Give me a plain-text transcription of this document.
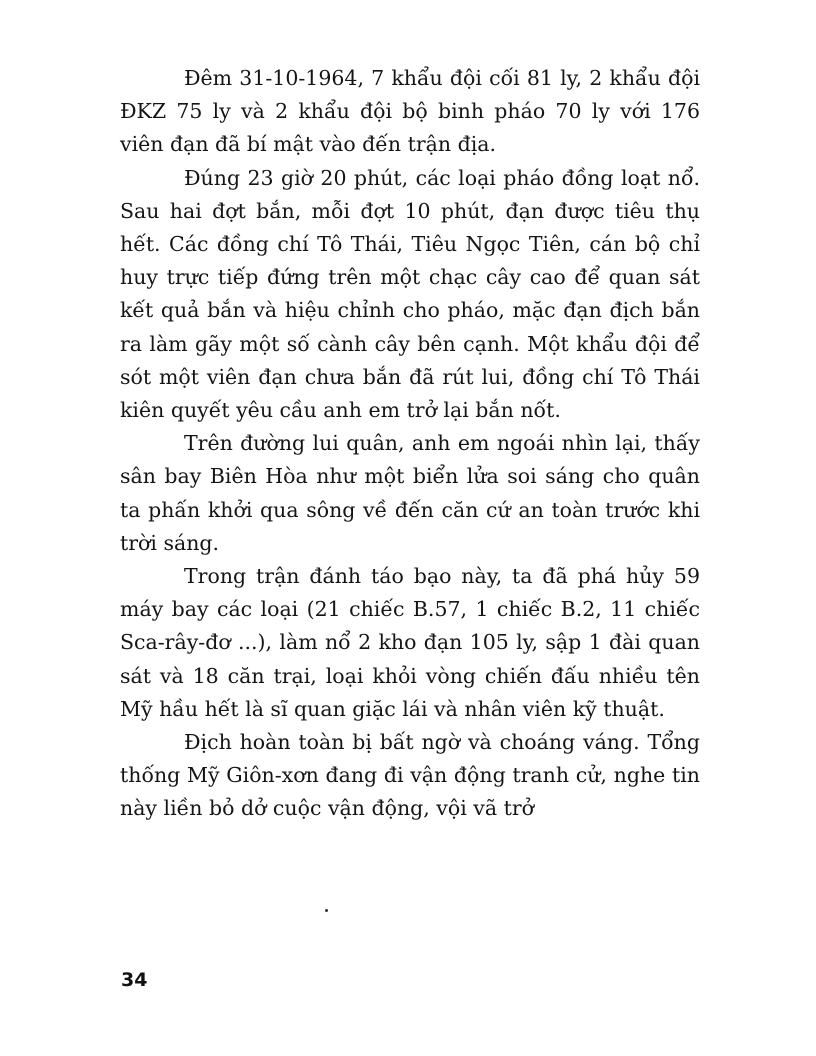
Đêm 31-10-1964, 7 khẩu đội cối 81 ly, 2 khẩu đội ĐKZ 75 ly và 2 khẩu đội bộ binh pháo 70 ly với 176 viên đạn đã bí mật vào đến trận địa.

Đúng 23 giờ 20 phút, các loại pháo đồng loạt nổ. Sau hai đợt bắn, mỗi đợt 10 phút, đạn được tiêu thụ hết. Các đồng chí Tô Thái, Tiêu Ngọc Tiên, cán bộ chỉ huy trực tiếp đứng trên một chạc cây cao để quan sát kết quả bắn và hiệu chỉnh cho pháo, mặc đạn địch bắn ra làm gãy một số cành cây bên cạnh. Một khẩu đội để sót một viên đạn chưa bắn đã rút lui, đồng chí Tô Thái kiên quyết yêu cầu anh em trở lại bắn nốt.

Trên đường lui quân, anh em ngoái nhìn lại, thấy sân bay Biên Hòa như một biển lửa soi sáng cho quân ta phấn khởi qua sông về đến căn cứ an toàn trước khi trời sáng.

Trong trận đánh táo bạo này, ta đã phá hủy 59 máy bay các loại (21 chiếc B.57, 1 chiếc B.2, 11 chiếc Sca-rây-đơ ...), làm nổ 2 kho đạn 105 ly, sập 1 đài quan sát và 18 căn trại, loại khỏi vòng chiến đấu nhiều tên Mỹ hầu hết là sĩ quan giặc lái và nhân viên kỹ thuật.

Địch hoàn toàn bị bất ngờ và choáng váng. Tổng thống Mỹ Giôn-xơn đang đi vận động tranh cử, nghe tin này liền bỏ dở cuộc vận động, vội vã trở

34
